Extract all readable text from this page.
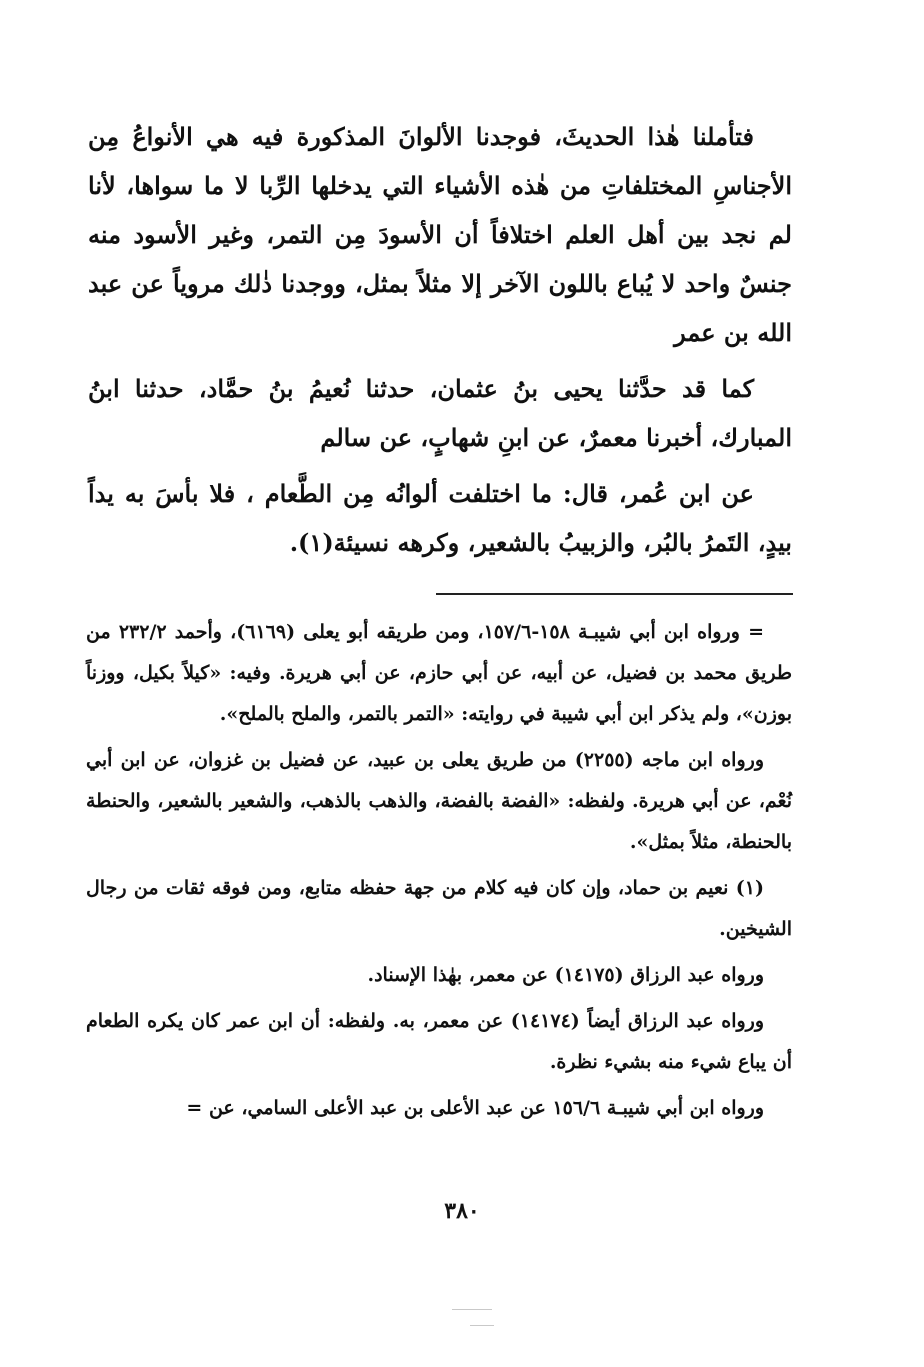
فتأملنا هٰذا الحديثَ، فوجدنا الألوانَ المذكورة فيه هي الأنواعُ مِن الأجناسِ المختلفاتِ من هٰذه الأشياء التي يدخلها الرِّبا لا ما سواها، لأنا لم نجد بين أهل العلم اختلافاً أن الأسودَ مِن التمر، وغير الأسود منه جنسٌ واحد لا يُباع باللون الآخر إلا مثلاً بمثل، ووجدنا ذٰلك مروياً عن عبد الله بن عمر

كما قد حدَّثنا يحيى بنُ عثمان، حدثنا نُعيمُ بنُ حمَّاد، حدثنا ابنُ المبارك، أخبرنا معمرٌ، عن ابنِ شهابٍ، عن سالم

عن ابن عُمر، قال: ما اختلفت ألوانُه مِن الطَّعام ، فلا بأسَ به يداً بيدٍ، التَمرُ بالبُر، والزبيبُ بالشعير، وكرهه نسيئة(١).

= ورواه ابن أبي شيبـة ١٥٨-١٥٧/٦، ومن طريقه أبو يعلى (٦١٦٩)، وأحمد ٢٣٢/٢ من طريق محمد بن فضيل، عن أبيه، عن أبي حازم، عن أبي هريرة. وفيه: «كيلاً بكيل، ووزناً بوزن»، ولم يذكر ابن أبي شيبة في روايته: «التمر بالتمر، والملح بالملح».

ورواه ابن ماجه (٢٢٥٥) من طريق يعلى بن عبيد، عن فضيل بن غزوان، عن ابن أبي نُعْم، عن أبي هريرة. ولفظه: «الفضة بالفضة، والذهب بالذهب، والشعير بالشعير، والحنطة بالحنطة، مثلاً بمثل».

(١) نعيم بن حماد، وإن كان فيه كلام من جهة حفظه متابع، ومن فوقه ثقات من رجال الشيخين.

ورواه عبد الرزاق (١٤١٧٥) عن معمر، بهٰذا الإسناد.

ورواه عبد الرزاق أيضاً (١٤١٧٤) عن معمر، به. ولفظه: أن ابن عمر كان يكره الطعام أن يباع شيء منه بشيء نظرة.

ورواه ابن أبي شيبـة ١٥٦/٦ عن عبد الأعلى بن عبد الأعلى السامي، عن =

٣٨٠
